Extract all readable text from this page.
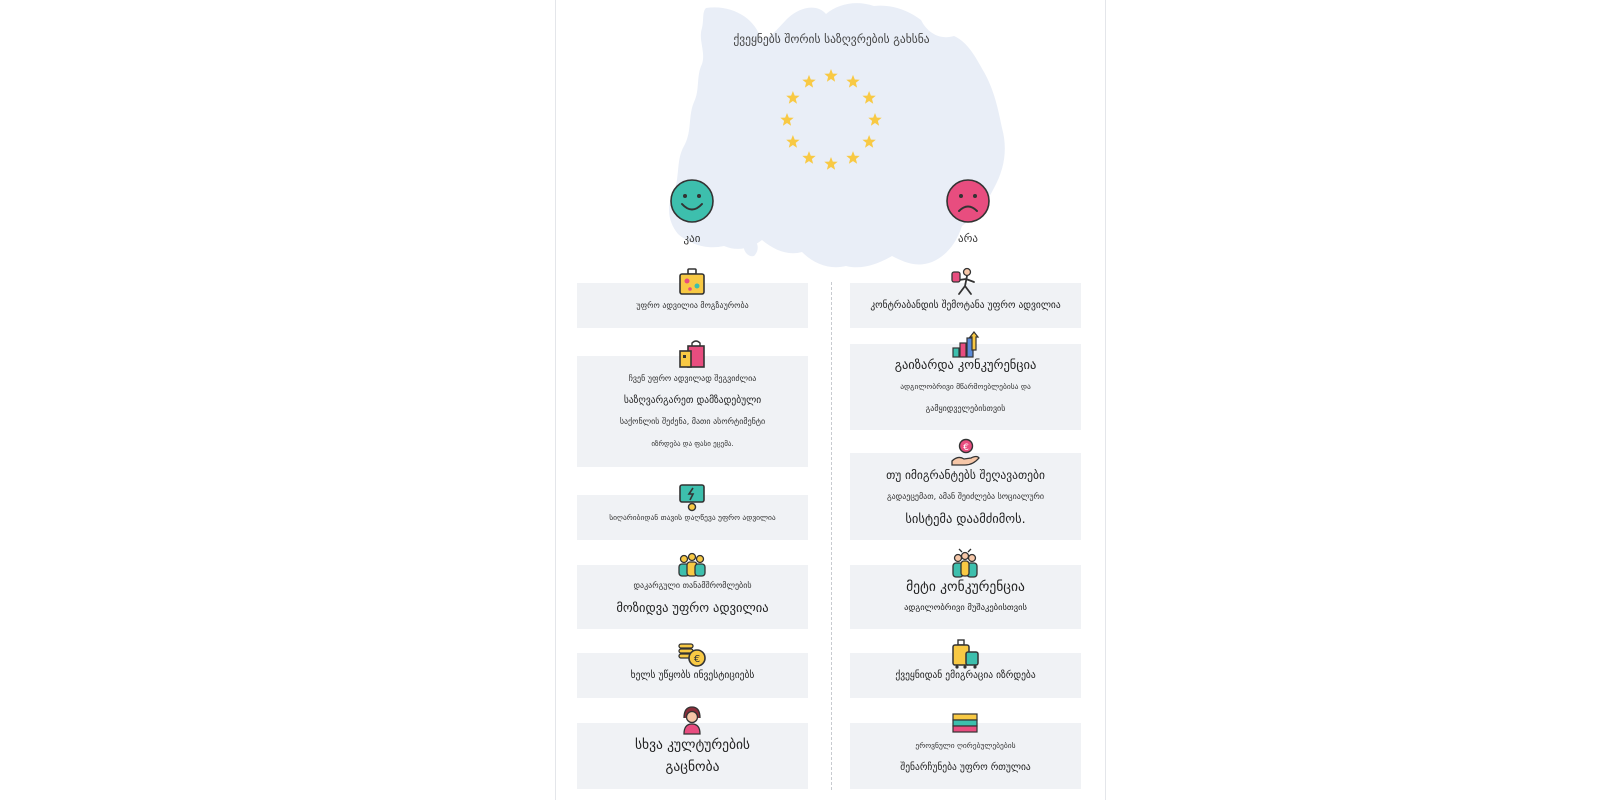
ქვეყნებს შორის საზღვრების გახსნა
კაი	არა
უფრო ადვილია მოგზაურობა
ჩვენ უფრო ადვილად შეგვიძლია
საზღვარგარეთ დამზადებული
საქონლის შეძენა, მათი ასორტიმენტი
იზრდება და ფასი ეცემა.
სიღარიბიდან თავის დაღწევა უფრო ადვილია
დაკარგული თანამშრომლების
მოზიდვა უფრო ადვილია
ხელს უწყობს ინვესტიციებს
€
სხვა კულტურების
გაცნობა
კონტრაბანდის შემოტანა უფრო ადვილია
გაიზარდა კონკურენცია
ადგილობრივი მწარმოებლებისა და
გამყიდველებისთვის
თუ იმიგრანტებს შეღავათები
გადაეცემათ, ამან შეიძლება სოციალური
სისტემა დაამძიმოს.
€
მეტი კონკურენცია
ადგილობრივი მუშაკებისთვის
ქვეყნიდან ემიგრაცია იზრდება
ეროვნული ღირებულებების
შენარჩუნება უფრო რთულია
